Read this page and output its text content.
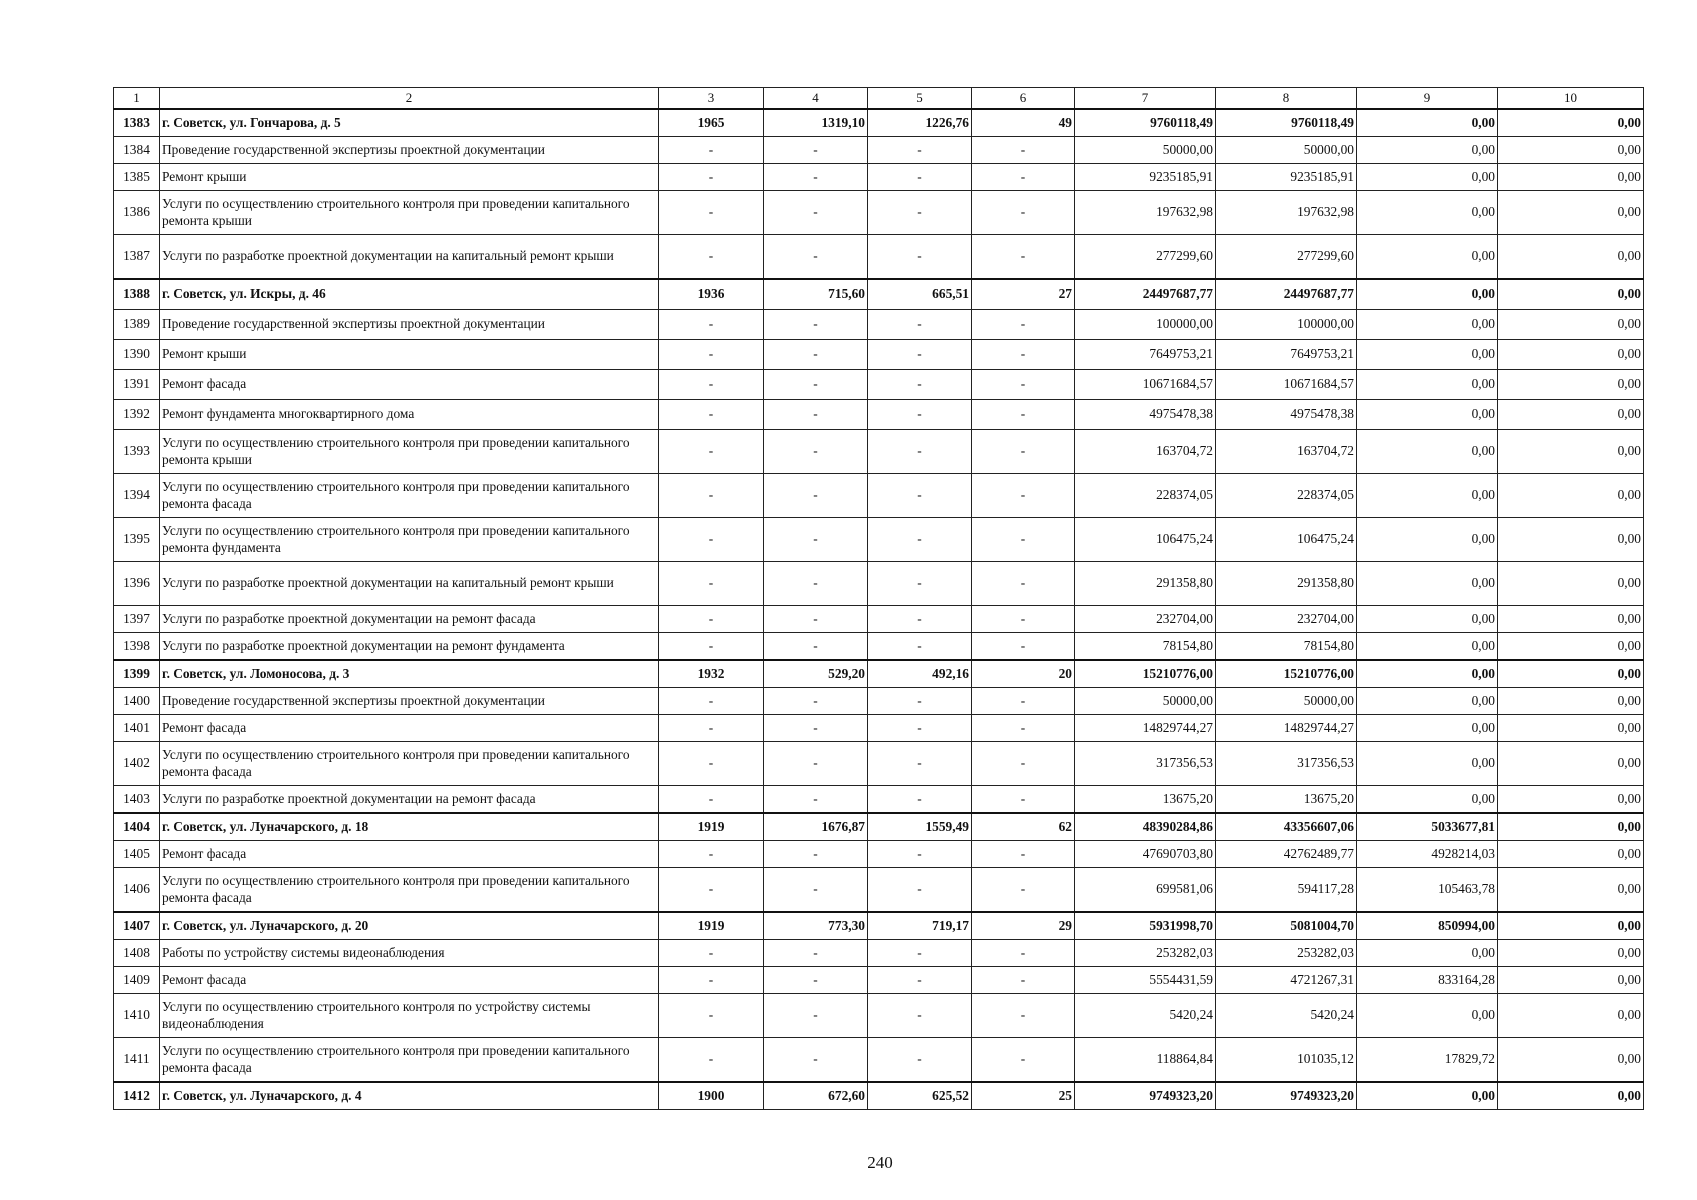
1	2	3	4	5	6	7	8	9	10
1383	г. Советск, ул. Гончарова, д. 5	1965	1319,10	1226,76	49	9760118,49	9760118,49	0,00	0,00
1384	Проведение государственной экспертизы проектной документации	-	-	-	-	50000,00	50000,00	0,00	0,00
1385	Ремонт крыши	-	-	-	-	9235185,91	9235185,91	0,00	0,00
1386	Услуги по осуществлению строительного контроля при проведении капитального ремонта крыши	-	-	-	-	197632,98	197632,98	0,00	0,00
1387	Услуги по разработке проектной документации на капитальный ремонт крыши	-	-	-	-	277299,60	277299,60	0,00	0,00
1388	г. Советск, ул. Искры, д. 46	1936	715,60	665,51	27	24497687,77	24497687,77	0,00	0,00
1389	Проведение государственной экспертизы проектной документации	-	-	-	-	100000,00	100000,00	0,00	0,00
1390	Ремонт крыши	-	-	-	-	7649753,21	7649753,21	0,00	0,00
1391	Ремонт фасада	-	-	-	-	10671684,57	10671684,57	0,00	0,00
1392	Ремонт фундамента многоквартирного дома	-	-	-	-	4975478,38	4975478,38	0,00	0,00
1393	Услуги по осуществлению строительного контроля при проведении капитального ремонта крыши	-	-	-	-	163704,72	163704,72	0,00	0,00
1394	Услуги по осуществлению строительного контроля при проведении капитального ремонта фасада	-	-	-	-	228374,05	228374,05	0,00	0,00
1395	Услуги по осуществлению строительного контроля при проведении капитального ремонта фундамента	-	-	-	-	106475,24	106475,24	0,00	0,00
1396	Услуги по разработке проектной документации на капитальный ремонт крыши	-	-	-	-	291358,80	291358,80	0,00	0,00
1397	Услуги по разработке проектной документации на ремонт фасада	-	-	-	-	232704,00	232704,00	0,00	0,00
1398	Услуги по разработке проектной документации на ремонт фундамента	-	-	-	-	78154,80	78154,80	0,00	0,00
1399	г. Советск, ул. Ломоносова, д. 3	1932	529,20	492,16	20	15210776,00	15210776,00	0,00	0,00
1400	Проведение государственной экспертизы проектной документации	-	-	-	-	50000,00	50000,00	0,00	0,00
1401	Ремонт фасада	-	-	-	-	14829744,27	14829744,27	0,00	0,00
1402	Услуги по осуществлению строительного контроля при проведении капитального ремонта фасада	-	-	-	-	317356,53	317356,53	0,00	0,00
1403	Услуги по разработке проектной документации на ремонт фасада	-	-	-	-	13675,20	13675,20	0,00	0,00
1404	г. Советск, ул. Луначарского, д. 18	1919	1676,87	1559,49	62	48390284,86	43356607,06	5033677,81	0,00
1405	Ремонт фасада	-	-	-	-	47690703,80	42762489,77	4928214,03	0,00
1406	Услуги по осуществлению строительного контроля при проведении капитального ремонта фасада	-	-	-	-	699581,06	594117,28	105463,78	0,00
1407	г. Советск, ул. Луначарского, д. 20	1919	773,30	719,17	29	5931998,70	5081004,70	850994,00	0,00
1408	Работы по устройству системы видеонаблюдения	-	-	-	-	253282,03	253282,03	0,00	0,00
1409	Ремонт фасада	-	-	-	-	5554431,59	4721267,31	833164,28	0,00
1410	Услуги по осуществлению строительного контроля по устройству системы видеонаблюдения	-	-	-	-	5420,24	5420,24	0,00	0,00
1411	Услуги по осуществлению строительного контроля при проведении капитального ремонта фасада	-	-	-	-	118864,84	101035,12	17829,72	0,00
1412	г. Советск, ул. Луначарского, д. 4	1900	672,60	625,52	25	9749323,20	9749323,20	0,00	0,00
240
